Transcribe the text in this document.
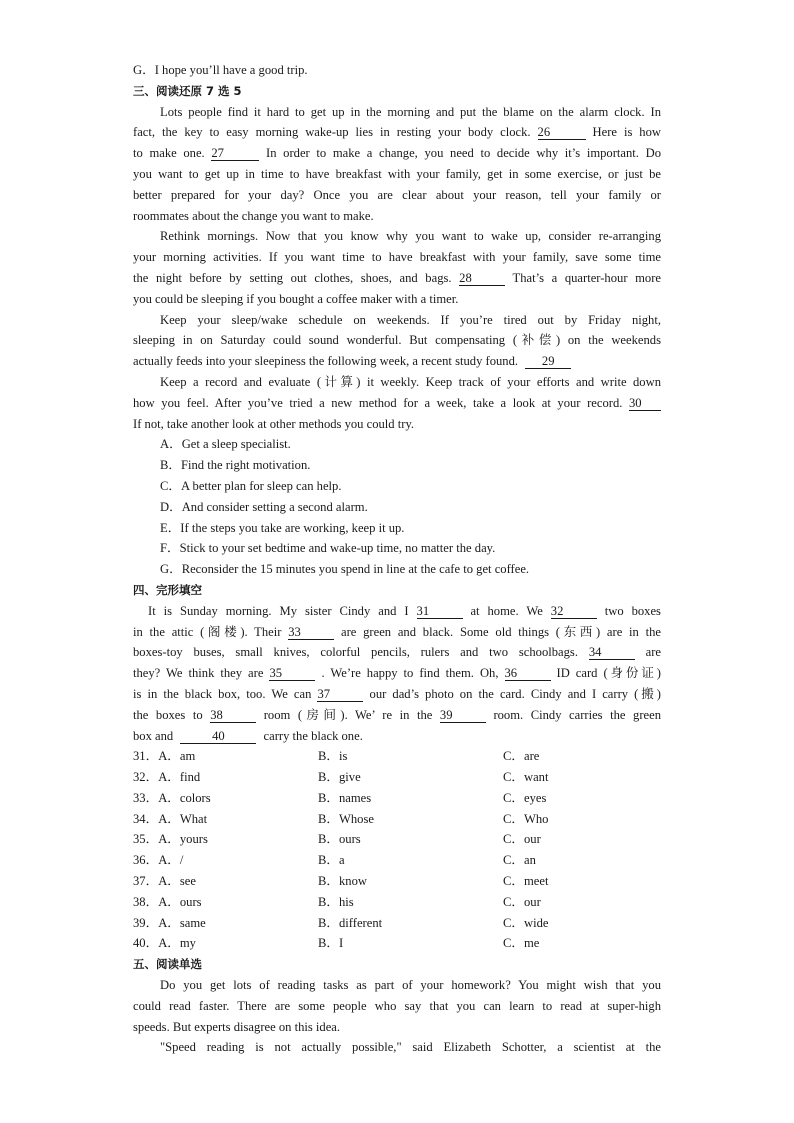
G．I hope you’ll have a good trip.
三、阅读还原 7 选 5
Lots people find it hard to get up in the morning and put the blame on the alarm clock. In
fact, the key to easy morning wake-up lies in resting your body clock. 26	Here is how
to make one. 27	In order to make a change, you need to decide why it’s important. Do
you want to get up in time to have breakfast with your family, get in some exercise, or just be
better prepared for your day? Once you are clear about your reason, tell your family or
roommates about the change you want to make.
Rethink mornings. Now that you know why you want to wake up, consider re-arranging
your morning activities. If you want time to have breakfast with your family, save some time
the night before by setting out clothes, shoes, and bags. 28	That’s a quarter-hour more
you could be sleeping if you bought a coffee maker with a timer.
Keep your sleep/wake schedule on weekends. If you’re tired out by Friday night,
sleeping in on Saturday could sound wonderful. But compensating (补偿) on the weekends
actually feeds into your sleepiness the following week, a recent study found. 29
Keep a record and evaluate (计算) it weekly. Keep track of your efforts and write down
how you feel. After you’ve tried a new method for a week, take a look at your record. 30
If not, take another look at other methods you could try.
A．Get a sleep specialist.
B．Find the right motivation.
C．A better plan for sleep can help.
D．And consider setting a second alarm.
E．If the steps you take are working, keep it up.
F．Stick to your set bedtime and wake-up time, no matter the day.
G．Reconsider the 15 minutes you spend in line at the cafe to get coffee.
四、完形填空
It is Sunday morning. My sister Cindy and I 31	at home. We 32	two boxes
in the attic (阁楼). Their 33	are green and black. Some old things (东西) are in the
boxes-toy buses, small knives, colorful pencils, rulers and two schoolbags. 34	are
they? We think they are 35	. We’re happy to find them. Oh, 36	ID card (身份证)
is in the black box, too. We can 37	our dad’s photo on the card. Cindy and I carry (搬)
the boxes to 38	room (房间). We’ re in the 39	room. Cindy carries the green
box and	40	carry the black one.
31．A．am	B．is	C．are
32．A．find	B．give	C．want
33．A．colors	B．names	C．eyes
34．A．What	B．Whose	C．Who
35．A．yours	B．ours	C．our
36．A．/	B．a	C．an
37．A．see	B．know	C．meet
38．A．ours	B．his	C．our
39．A．same	B．different	C．wide
40．A．my	B．I	C．me
五、阅读单选
Do you get lots of reading tasks as part of your homework? You might wish that you
could read faster. There are some people who say that you can learn to read at super-high
speeds. But experts disagree on this idea.
"Speed reading is not actually possible," said Elizabeth Schotter, a scientist at the
